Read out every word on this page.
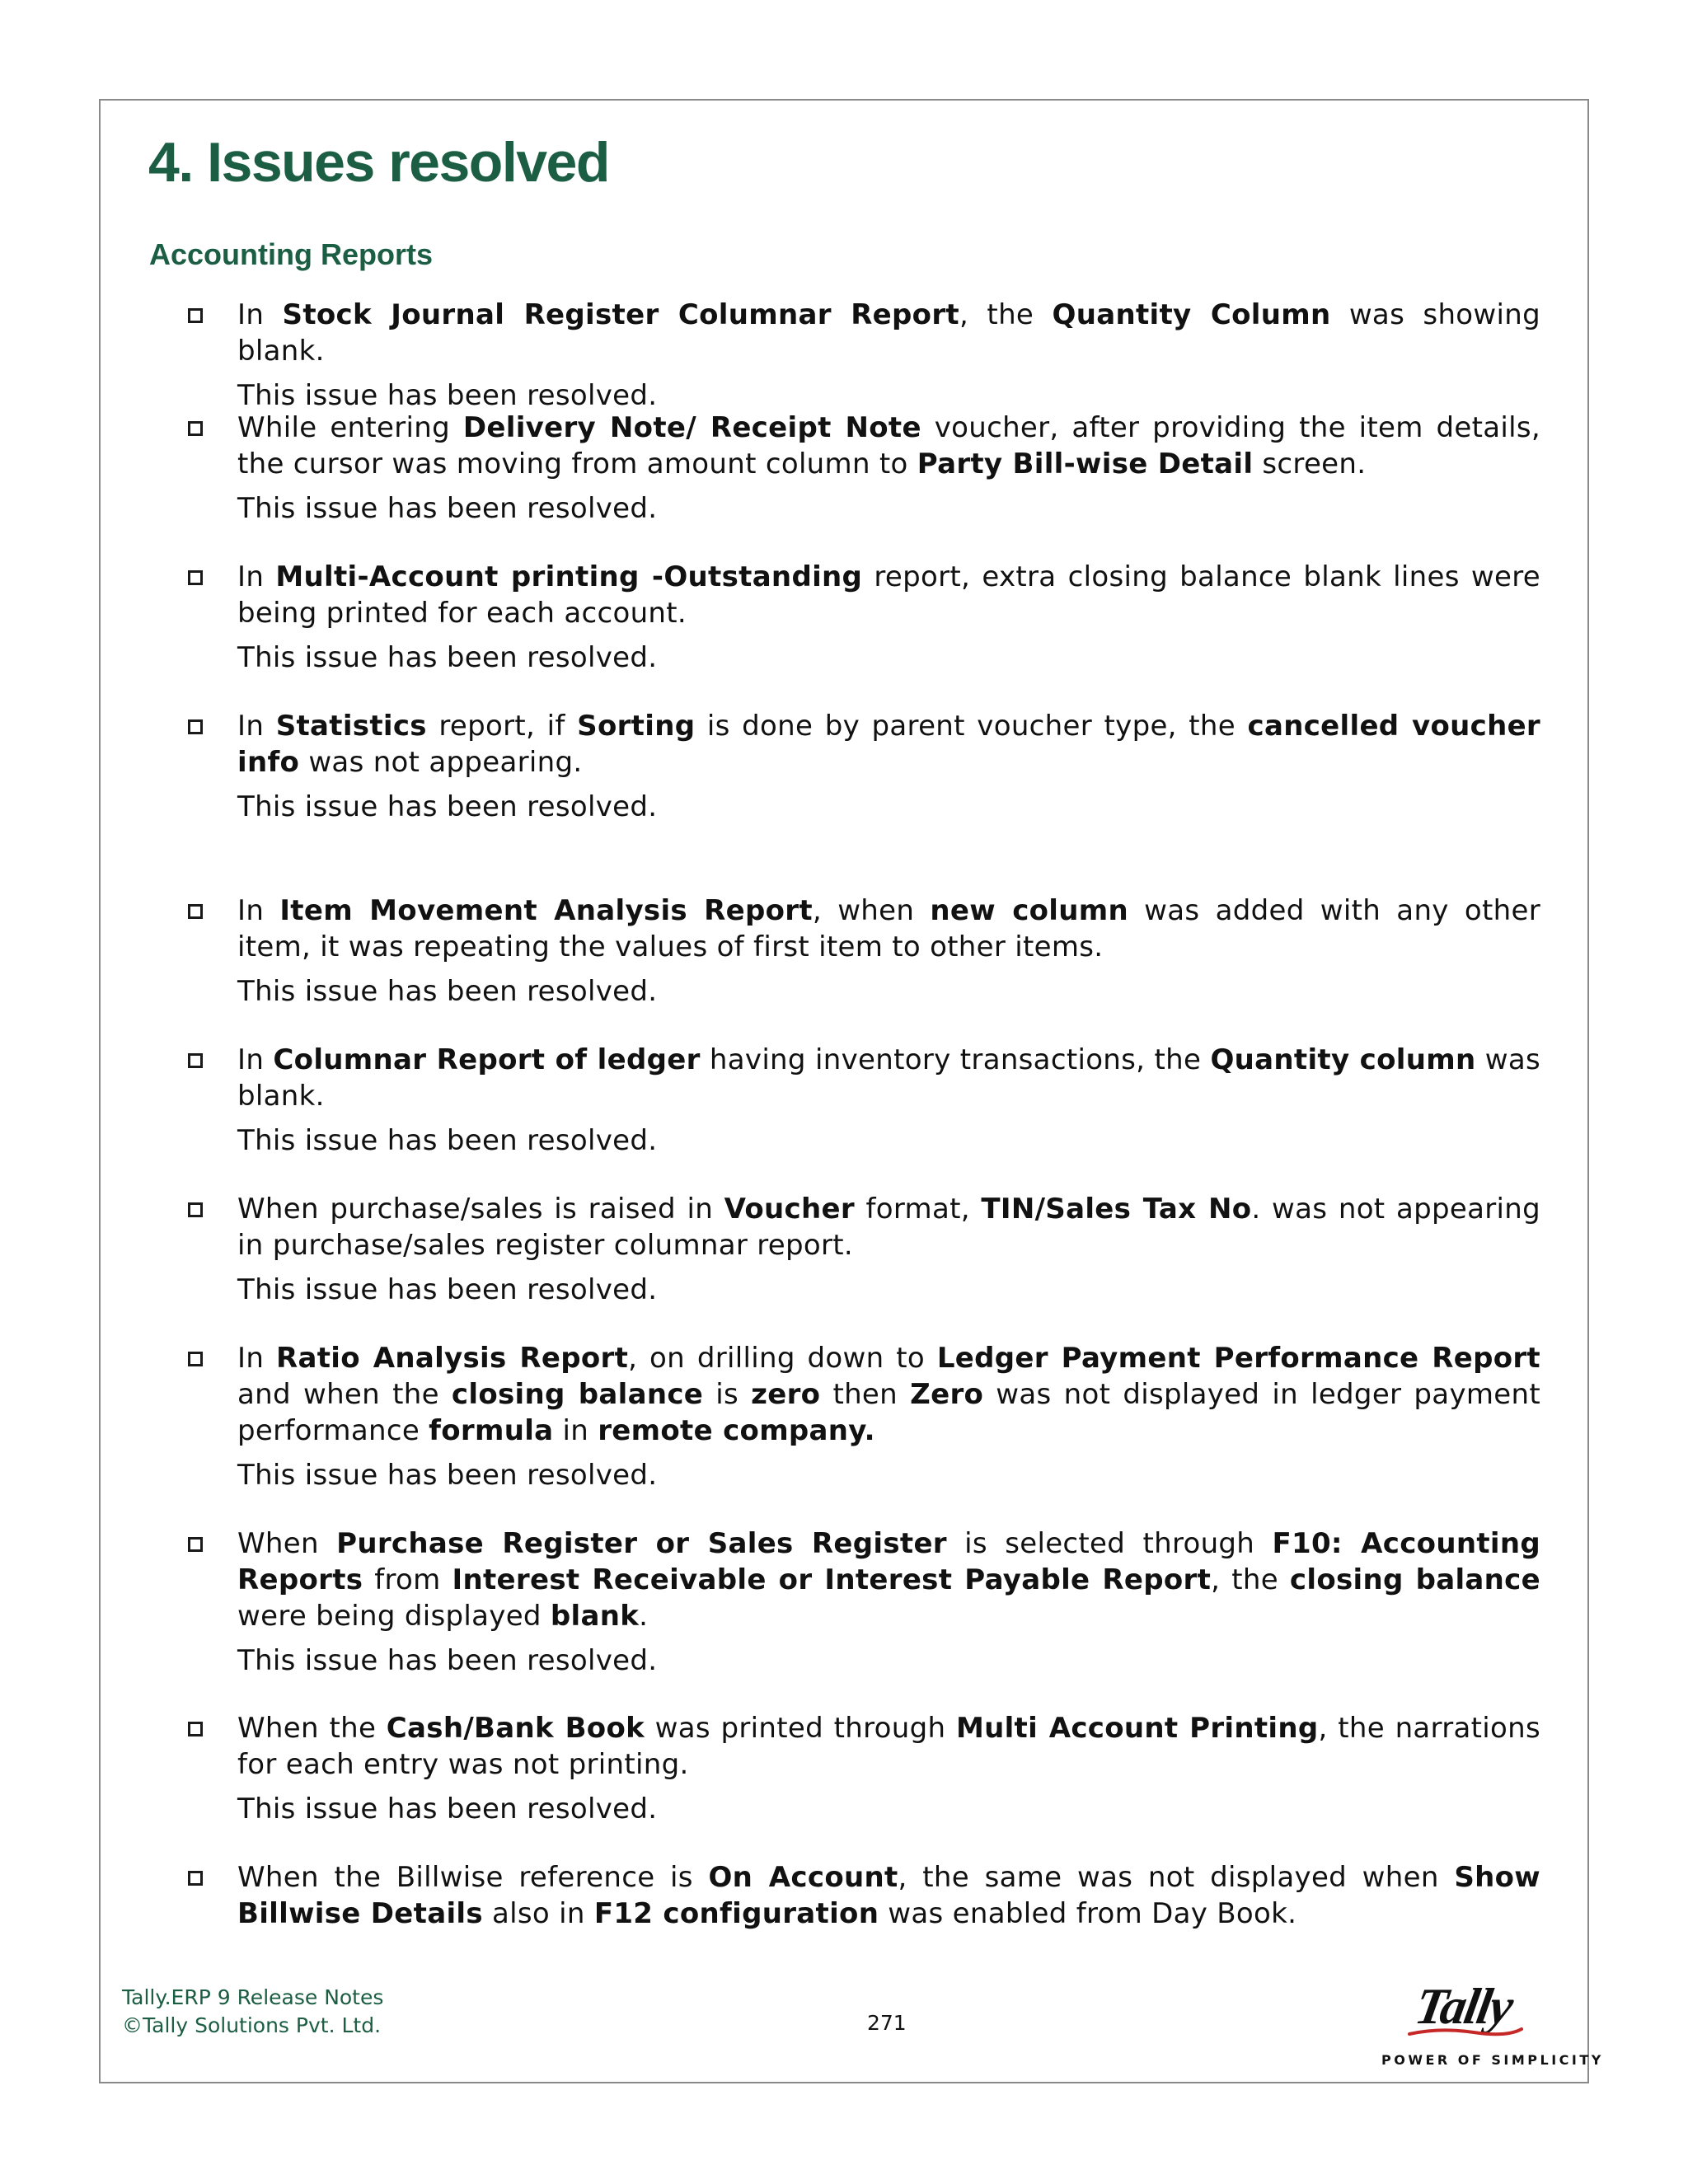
4. Issues resolved
Accounting Reports

In Stock Journal Register Columnar Report, the Quantity Column was showing blank.

This issue has been resolved.

While entering Delivery Note/ Receipt Note voucher, after providing the item details, the cursor was moving from amount column to Party Bill-wise Detail screen.

This issue has been resolved.

In Multi-Account printing -Outstanding report, extra closing balance blank lines were being printed for each account.

This issue has been resolved.

In Statistics report, if Sorting is done by parent voucher type, the cancelled voucher info was not appearing.

This issue has been resolved.

In Item Movement Analysis Report, when new column was added with any other item, it was repeating the values of first item to other items.

This issue has been resolved.

In Columnar Report of ledger having inventory transactions, the Quantity column was blank.

This issue has been resolved.

When purchase/sales is raised in Voucher format, TIN/Sales Tax No. was not appearing in purchase/sales register columnar report.

This issue has been resolved.

In Ratio Analysis Report, on drilling down to Ledger Payment Performance Report and when the closing balance is zero then Zero was not displayed in ledger payment performance formula in remote company.

This issue has been resolved.

When Purchase Register or Sales Register is selected through F10: Accounting Reports from Interest Receivable or Interest Payable Report, the closing balance were being displayed blank.

This issue has been resolved.

When the Cash/Bank Book was printed through Multi Account Printing, the narrations for each entry was not printing.

This issue has been resolved.

When the Billwise reference is On Account, the same was not displayed when Show Billwise Details also in F12 configuration was enabled from Day Book.

Tally.ERP 9 Release Notes
©Tally Solutions Pvt. Ltd.	271	Tally
POWER OF SIMPLICITY
